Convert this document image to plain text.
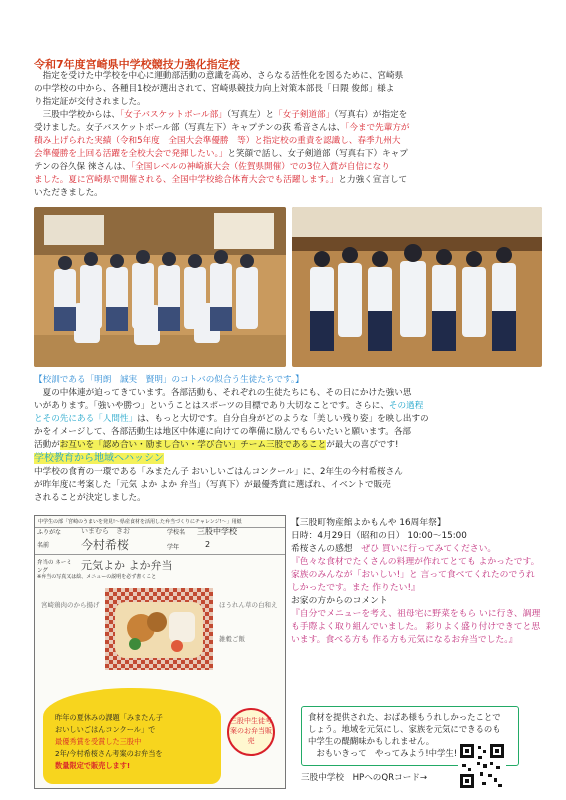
令和7年度宮崎県中学校競技力強化指定校
　指定を受けた中学校を中心に運動部活動の意識を高め、さらなる活性化を図るために、宮崎県
の中学校の中から、各種目1校が選出されて、宮崎県競技力向上対策本部長「日隈 俊郎」様よ
り指定証が交付されました。
　三股中学校からは、「女子バスケットボール部」（写真左）と「女子剣道部」（写真右）が指定を
受けました。女子バスケットボール部（写真左下）キャプテンの荻 希音さんは、「今まで先輩方が
積み上げられた実績（令和5年度　全国大会準優勝　等）と指定校の重責を認識し、春季九州大
会準優勝を上回る活躍を全校大会で発揮したい。」と笑顔で話し、女子剣道部（写真右下）キャプ
テンの谷久保 徠さんは、「全国レベルの神崎旗大会（佐賀県開催）での3位入賞が自信になり
ました。夏に宮崎県で開催される、全国中学校総合体育大会でも活躍します。」と力強く宣言して
いただきました。
【校訓である「明朗　誠実　賢明」のコトバの似合う生徒たちです。】
　夏の中体連が迫ってきています。各部活動も、それぞれの生徒たちにも、その日にかけた強い思
いがあります。「強いや勝つ」ということはスポーツの目標であり大切なことです。さらに、その過程
とその先にある「人間性」は、もっと大切です。自分自身がどのような「美しい残り姿」を映し出すの
かをイメージして、各部活動生は地区中体連に向けての準備に励んでもらいたいと願います。各部
活動がお互いを「認め合い・励まし合い・学び合い」チーム三股であることが最大の喜びです!
学校教育から地域へハッシン
中学校の食育の一環である「みまたん子 おいしいごはんコンクール」に、2年生の今村希桜さん
が昨年度に考案した「元気 よか よか 弁当」（写真下）が最優秀賞に選ばれ、イベントで販売
されることが決定しました。
中学生の部「宮崎のうまいを発見!～県産食材を活用した弁当づくりにチャレンジ!～」用紙
ふりがな	いまむら　きお
名前	今村希桜
学校名 三股中学校
学年	2
弁当の ネーミング	元気よか よか弁当
※弁当の写真又は絵、メニューの説明を必ず書くこと
宮崎鶏肉のから揚げ	ほうれん草の白和え
雑穀ご飯
昨年の夏休みの課題「みまたん子
おいしいごはんコンクール」で
最優秀賞を受賞した三股中
2年/今村希桜さん考案のお弁当を
数量限定で販売します!
三股中生徒考案のお弁当販売
【三股町物産館よかもんや 16周年祭】
日時：4月29日（昭和の日） 10:00～15:00
希桜さんの感想　 ぜひ 買いに行ってみてください。
『色々な食材でたくさんの料理が作れてとても よかったです。家族のみんなが「おいしい!」と 言って食べてくれたのでうれしかったです。また 作りたい!』
お家の方からのコメント
『自分でメニューを考え、祖母宅に野菜をもら いに行き、調理も手際よく取り組んでいました。 彩りよく盛り付けできてと思います。食べる方も 作る方も元気になるお弁当でした。』
食材を提供された、おばあ様もうれしかったことで
しょう。地域を元気にし、家族を元気にできるのも
中学生の醍醐味かもしれません。
　おもいきって　やってみよう!中学生!
三股中学校　HPへのQRコード→
